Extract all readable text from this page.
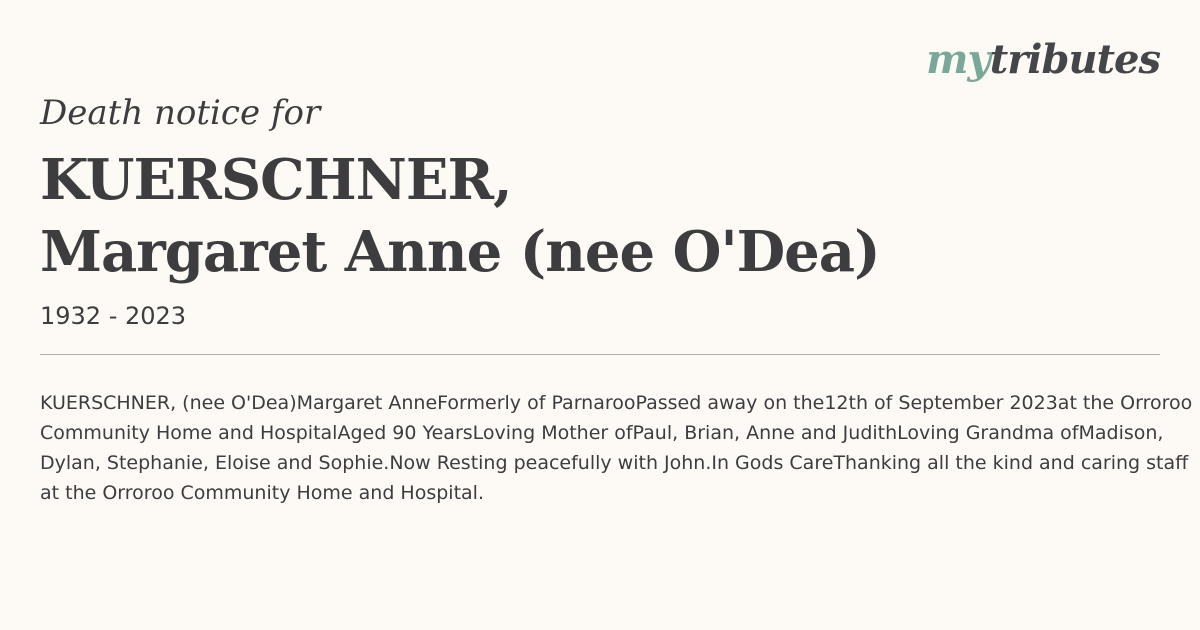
mytributes

Death notice for

KUERSCHNER,
Margaret Anne (nee O'Dea)
1932 - 2023

KUERSCHNER, (nee O'Dea)Margaret AnneFormerly of ParnarooPassed away on the12th of September 2023at the Orroroo Community Home and HospitalAged 90 YearsLoving Mother ofPaul, Brian, Anne and JudithLoving Grandma ofMadison, Dylan, Stephanie, Eloise and Sophie.Now Resting peacefully with John.In Gods CareThanking all the kind and caring staff at the Orroroo Community Home and Hospital.
